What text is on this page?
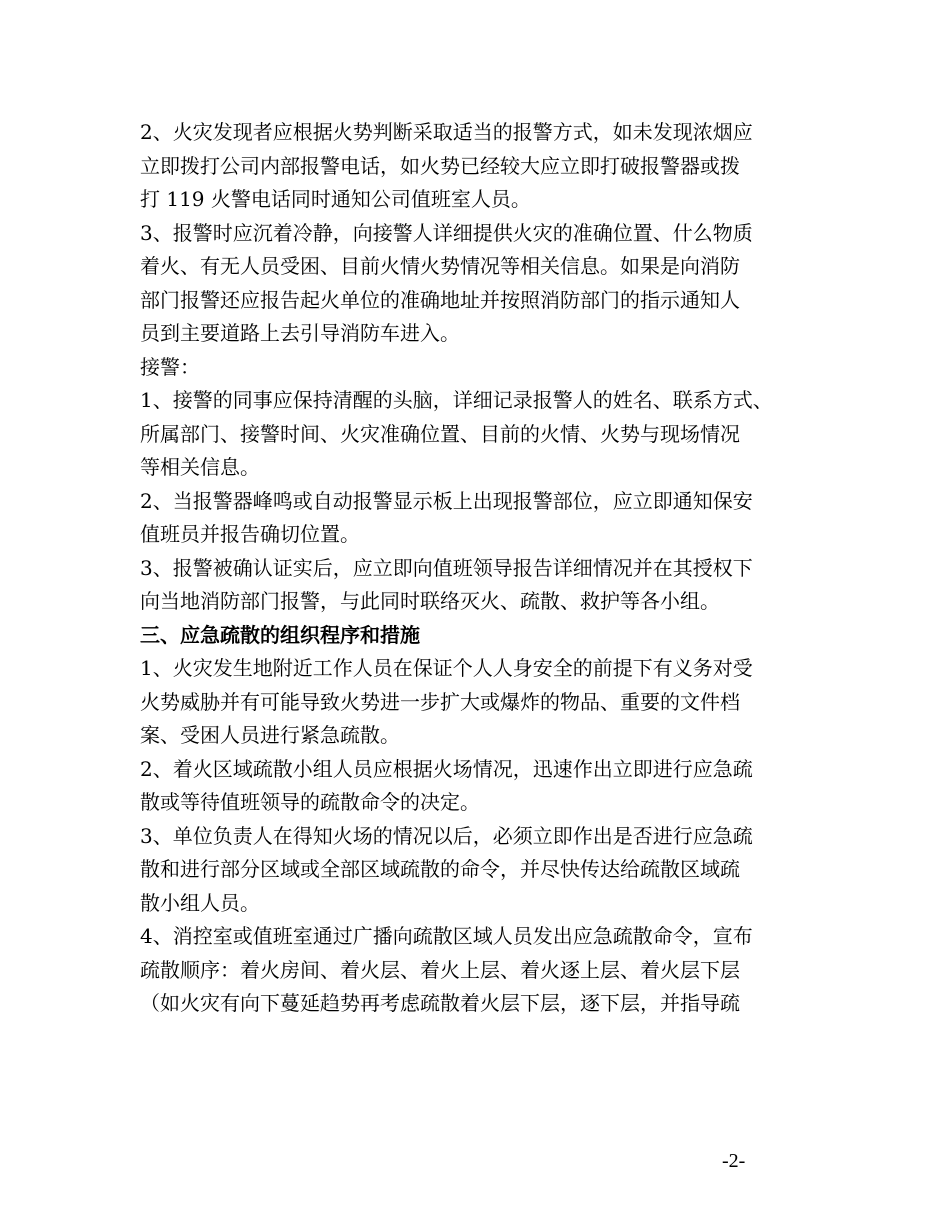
2、火灾发现者应根据火势判断采取适当的报警方式，如未发现浓烟应
立即拨打公司内部报警电话，如火势已经较大应立即打破报警器或拨
打 119 火警电话同时通知公司值班室人员。
3、报警时应沉着冷静，向接警人详细提供火灾的准确位置、什么物质
着火、有无人员受困、目前火情火势情况等相关信息。如果是向消防
部门报警还应报告起火单位的准确地址并按照消防部门的指示通知人
员到主要道路上去引导消防车进入。
接警：
1、接警的同事应保持清醒的头脑，详细记录报警人的姓名、联系方式、
所属部门、接警时间、火灾准确位置、目前的火情、火势与现场情况
等相关信息。
2、当报警器峰鸣或自动报警显示板上出现报警部位，应立即通知保安
值班员并报告确切位置。
3、报警被确认证实后，应立即向值班领导报告详细情况并在其授权下
向当地消防部门报警，与此同时联络灭火、疏散、救护等各小组。
三、应急疏散的组织程序和措施
1、火灾发生地附近工作人员在保证个人人身安全的前提下有义务对受
火势威胁并有可能导致火势进一步扩大或爆炸的物品、重要的文件档
案、受困人员进行紧急疏散。
2、着火区域疏散小组人员应根据火场情况，迅速作出立即进行应急疏
散或等待值班领导的疏散命令的决定。
3、单位负责人在得知火场的情况以后，必须立即作出是否进行应急疏
散和进行部分区域或全部区域疏散的命令，并尽快传达给疏散区域疏
散小组人员。
4、消控室或值班室通过广播向疏散区域人员发出应急疏散命令，宣布
疏散顺序：着火房间、着火层、着火上层、着火逐上层、着火层下层
（如火灾有向下蔓延趋势再考虑疏散着火层下层，逐下层，并指导疏
-2-
